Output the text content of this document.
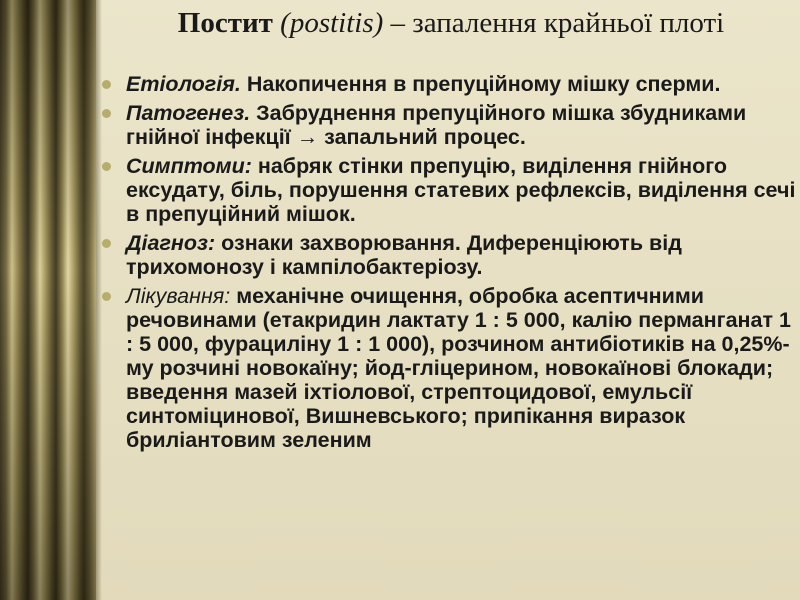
Постит (postitis) – запалення крайньої плоті
Етіологія. Накопичення в препуційному мішку сперми.
Патогенез. Забруднення препуційного мішка збудниками гнійної інфекції → запальний процес.
Симптоми: набряк стінки препуцію, виділення гнійного ексудату, біль, порушення статевих рефлексів, виділення сечі в препуційний мішок.
Діагноз: ознаки захворювання. Диференціюють від трихомонозу і кампілобактеріозу.
Лікування: механічне очищення, обробка асептичними речовинами (етакридин лактату 1 : 5 000, калію перманганат 1 : 5 000, фурациліну 1 : 1 000), розчином антибіотиків на 0,25%-му розчині новокаїну; йод-гліцерином, новокаїнові блокади; введення мазей іхтіолової, стрептоцидової, емульсії синтоміцинової, Вишневського; припікання виразок бриліантовим зеленим
